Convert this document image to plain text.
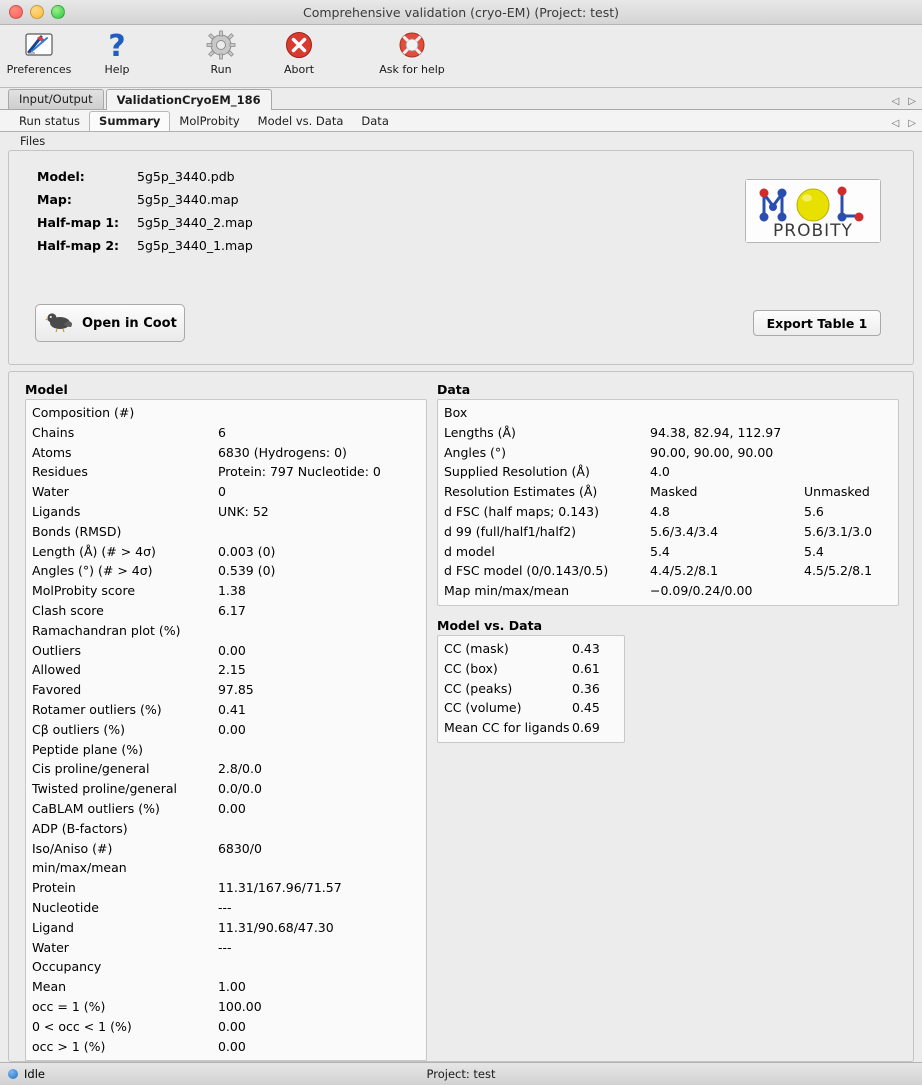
Comprehensive validation (cryo-EM) (Project: test)
Preferences
?
Help	Run	Abort	Ask for help
Input/Output	ValidationCryoEM_186	◁ ▷
Run status	Summary	MolProbity	Model vs. Data	Data	◁ ▷
Files
Model:	5g5p_3440.pdb
Map:	5g5p_3440.map
Half-map 1:	5g5p_3440_2.map
Half-map 2:	5g5p_3440_1.map
Open in Coot	Export Table 1
PROBITY
Model
Composition (#)	
Chains	6
Atoms	6830 (Hydrogens: 0)
Residues	Protein: 797 Nucleotide: 0
Water	0
Ligands	UNK: 52
Bonds (RMSD)	
Length (Å) (# > 4σ)	0.003 (0)
Angles (°) (# > 4σ)	0.539 (0)
MolProbity score	1.38
Clash score	6.17
Ramachandran plot (%)	
Outliers	0.00
Allowed	2.15
Favored	97.85
Rotamer outliers (%)	0.41
Cβ outliers (%)	0.00
Peptide plane (%)	
Cis proline/general	2.8/0.0
Twisted proline/general	0.0/0.0
CaBLAM outliers (%)	0.00
ADP (B-factors)	
Iso/Aniso (#)	6830/0
min/max/mean	
Protein	11.31/167.96/71.57
Nucleotide	---
Ligand	11.31/90.68/47.30
Water	---
Occupancy	
Mean	1.00
occ = 1 (%)	100.00
0 < occ < 1 (%)	0.00
occ > 1 (%)	0.00
Data
Box		
Lengths (Å)	94.38, 82.94, 112.97	
Angles (°)	90.00, 90.00, 90.00	
Supplied Resolution (Å)	4.0	
Resolution Estimates (Å)	Masked	Unmasked
d FSC (half maps; 0.143)	4.8	5.6
d 99 (full/half1/half2)	5.6/3.4/3.4	5.6/3.1/3.0
d model	5.4	5.4
d FSC model (0/0.143/0.5)	4.4/5.2/8.1	4.5/5.2/8.1
Map min/max/mean	−0.09/0.24/0.00	
Model vs. Data
CC (mask)	0.43
CC (box)	0.61
CC (peaks)	0.36
CC (volume)	0.45
Mean CC for ligands	0.69
Idle	Project: test
